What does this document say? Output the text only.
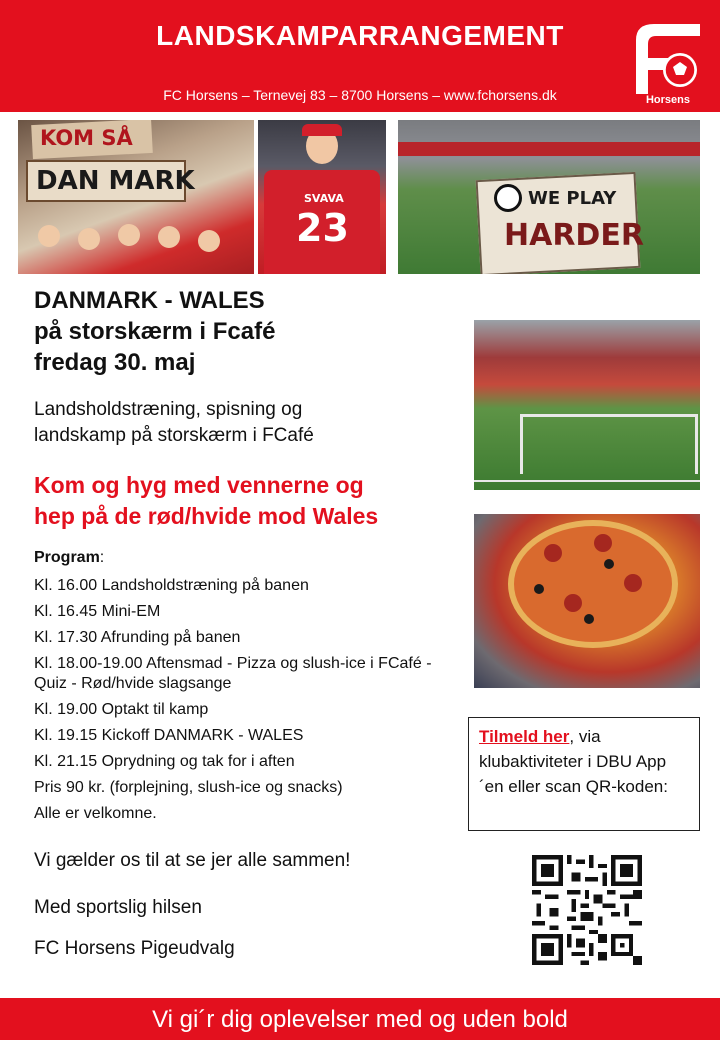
LANDSKAMPARRANGEMENT
FC Horsens – Ternevej 83 – 8700 Horsens – www.fchorsens.dk	Horsens
KOM SÅ
DAN MARK
SVAVA
23
WE PLAY
HARDER
DANMARK - WALES
på storskærm i Fcafé
fredag 30. maj
Landsholdstræning, spisning og
landskamp på storskærm i FCafé
Kom og hyg med vennerne og
hep på de rød/hvide mod Wales
Program:
Kl. 16.00 Landsholdstræning på banen
Kl. 16.45 Mini-EM
Kl. 17.30 Afrunding på banen
Kl. 18.00-19.00 Aftensmad - Pizza og slush-ice i FCafé - Quiz - Rød/hvide slagsange
Kl. 19.00 Optakt til kamp
Kl. 19.15 Kickoff DANMARK - WALES
Kl. 21.15 Oprydning og tak for i aften
Pris 90 kr. (forplejning, slush-ice og snacks)
Alle er velkomne.
Vi gælder os til at se jer alle sammen!
Med sportslig hilsen
FC Horsens Pigeudvalg
Tilmeld her, via klubaktiviteter i DBU App´en eller scan QR-koden:
Vi gi´r dig oplevelser med og uden bold
